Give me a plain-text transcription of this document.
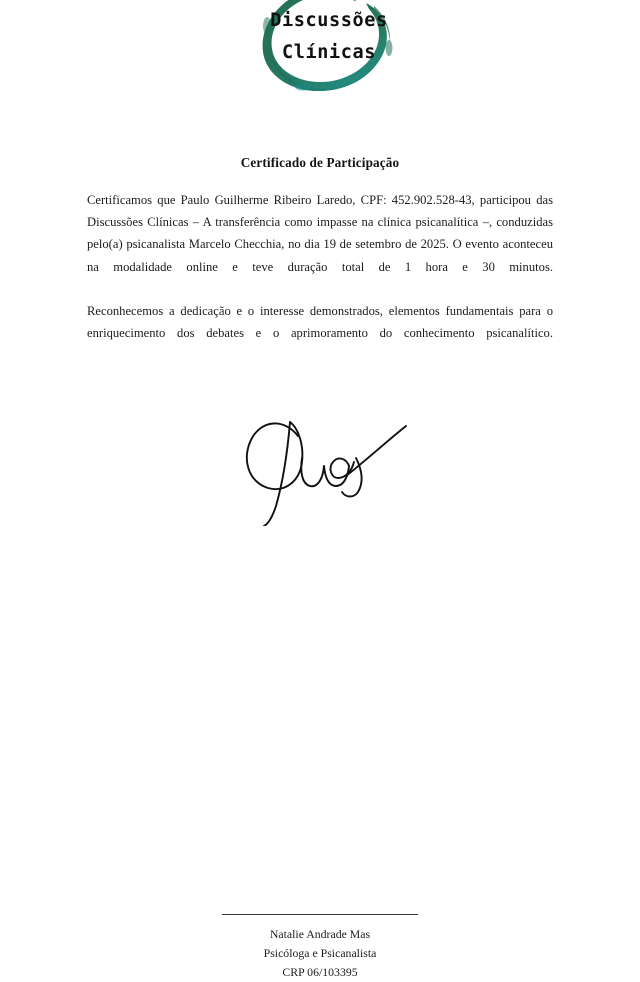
Discussões
Clínicas
Certificado de Participação
Certificamos que Paulo Guilherme Ribeiro Laredo, CPF: 452.902.528-43, participou das
Discussões Clínicas – A transferência como impasse na clínica psicanalítica –, conduzidas
pelo(a) psicanalista Marcelo Checchia, no dia 19 de setembro de 2025. O evento aconteceu
na modalidade online e teve duração total de 1 hora e 30 minutos.
Reconhecemos a dedicação e o interesse demonstrados, elementos fundamentais para o
enriquecimento dos debates e o aprimoramento do conhecimento psicanalítico.
Natalie Andrade Mas
Psicóloga e Psicanalista
CRP 06/103395
